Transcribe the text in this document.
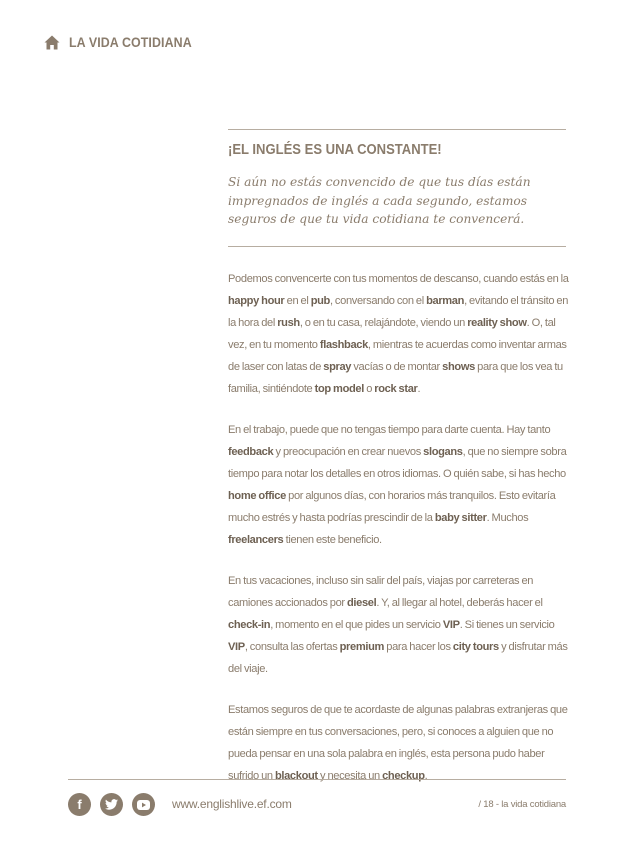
LA VIDA COTIDIANA
¡EL INGLÉS ES UNA CONSTANTE!

Si aún no estás convencido de que tus días están impregnados de inglés a cada segundo, estamos seguros de que tu vida cotidiana te convencerá.

Podemos convencerte con tus momentos de descanso, cuando estás en la happy hour en el pub, conversando con el barman, evitando el tránsito en la hora del rush, o en tu casa, relajándote, viendo un reality show. O, tal vez, en tu momento flashback, mientras te acuerdas como inventar armas de laser con latas de spray vacías o de montar shows para que los vea tu familia, sintiéndote top model o rock star.

En el trabajo, puede que no tengas tiempo para darte cuenta. Hay tanto feedback y preocupación en crear nuevos slogans, que no siempre sobra tiempo para notar los detalles en otros idiomas. O quién sabe, si has hecho home office por algunos días, con horarios más tranquilos. Esto evitaría mucho estrés y hasta podrías prescindir de la baby sitter. Muchos freelancers tienen este beneficio.

En tus vacaciones, incluso sin salir del país, viajas por carreteras en camiones accionados por diesel. Y, al llegar al hotel, deberás hacer el check-in, momento en el que pides un servicio VIP. Si tienes un servicio VIP, consulta las ofertas premium para hacer los city tours y disfrutar más del viaje.

Estamos seguros de que te acordaste de algunas palabras extranjeras que están siempre en tus conversaciones, pero, si conoces a alguien que no pueda pensar en una sola palabra en inglés, esta persona pudo haber sufrido un blackout y necesita un checkup.

f	www.englishlive.ef.com	/ 18 - la vida cotidiana
